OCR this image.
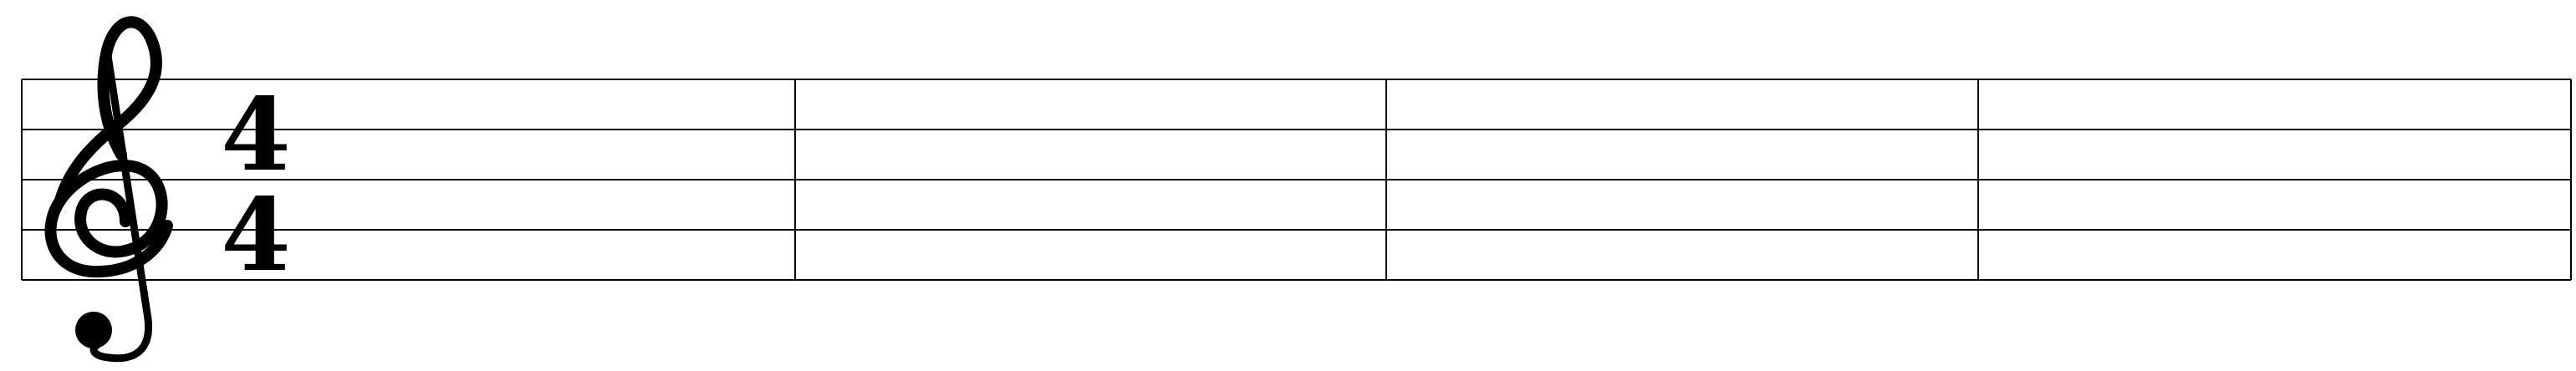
4
4
